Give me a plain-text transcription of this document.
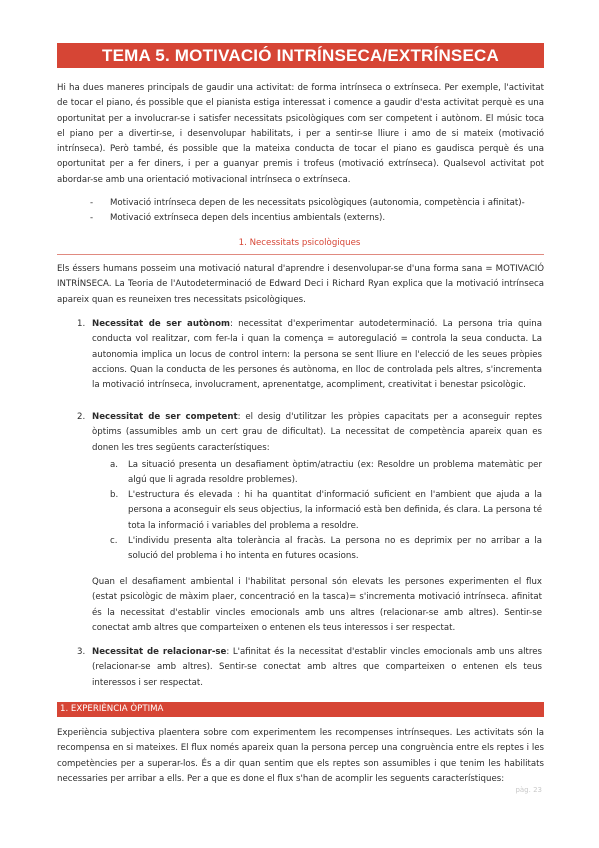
TEMA 5. MOTIVACIÓ INTRÍNSECA/EXTRÍNSECA
Hi ha dues maneres principals de gaudir una activitat: de forma intrínseca o extrínseca. Per exemple, l'activitat de tocar el piano, és possible que el pianista estiga interessat i comence a gaudir d'esta activitat perquè es una oportunitat per a involucrar-se i satisfer necessitats psicològiques com ser competent i autònom. El músic toca el piano per a divertir-se, i desenvolupar habilitats, i per a sentir-se lliure i amo de si mateix (motivació intrínseca). Però també, és possible que la mateixa conducta de tocar el piano es gaudisca perquè és una oportunitat per a fer diners, i per a guanyar premis i trofeus (motivació extrínseca). Qualsevol activitat pot abordar-se amb una orientació motivacional intrínseca o extrínseca.
- Motivació intrínseca depen de les necessitats psicològiques (autonomia, competència i afinitat)-
- Motivació extrínseca depen dels incentius ambientals (externs).
1. Necessitats psicològiques
Els éssers humans posseim una motivació natural d'aprendre i desenvolupar-se d'una forma sana = MOTIVACIÓ INTRÍNSECA. La Teoria de l'Autodeterminació de Edward Deci i Richard Ryan explica que la motivació intrínseca apareix quan es reuneixen tres necessitats psicològiques.
1. Necessitat de ser autònom: necessitat d'experimentar autodeterminació. La persona tria quina conducta vol realitzar, com fer-la i quan la comença = autoregulació = controla la seua conducta. La autonomia implica un locus de control intern: la persona se sent lliure en l'elecció de les seues pròpies accions. Quan la conducta de les persones és autònoma, en lloc de controlada pels altres, s'incrementa la motivació intrínseca, involucrament, aprenentatge, acompliment, creativitat i benestar psicològic.
2. Necessitat de ser competent: el desig d'utilitzar les pròpies capacitats per a aconseguir reptes òptims (assumibles amb un cert grau de dificultat). La necessitat de competència apareix quan es donen les tres següents característiques:
a. La situació presenta un desafiament òptim/atractiu (ex: Resoldre un problema matemàtic per algú que li agrada resoldre problemes).
b. L'estructura és elevada : hi ha quantitat d'informació suficient en l'ambient que ajuda a la persona a aconseguir els seus objectius, la informació està ben definida, és clara. La persona té tota la informació i variables del problema a resoldre.
c. L'individu presenta alta tolerància al fracàs. La persona no es deprimix per no arribar a la solució del problema i ho intenta en futures ocasions.
Quan el desafiament ambiental i l'habilitat personal són elevats les persones experimenten el flux (estat psicològic de màxim plaer, concentració en la tasca)= s'incrementa motivació intrínseca. afinitat és la necessitat d'establir vincles emocionals amb uns altres (relacionar-se amb altres). Sentir-se conectat amb altres que comparteixen o entenen els teus interessos i ser respectat.
3. Necessitat de relacionar-se: L'afinitat és la necessitat d'establir vincles emocionals amb uns altres (relacionar-se amb altres). Sentir-se conectat amb altres que comparteixen o entenen els teus interessos i ser respectat.
1. EXPERIÈNCIA ÒPTIMA
Experiència subjectiva plaentera sobre com experimentem les recompenses intrínseques. Les activitats són la recompensa en si mateixes. El flux només apareix quan la persona percep una congruència entre els reptes i les competències per a superar-los. És a dir quan sentim que els reptes son assumibles i que tenim les habilitats necessaries per arribar a ells. Per a que es done el flux s'han de acomplir les seguents característiques:
pàg. 23
